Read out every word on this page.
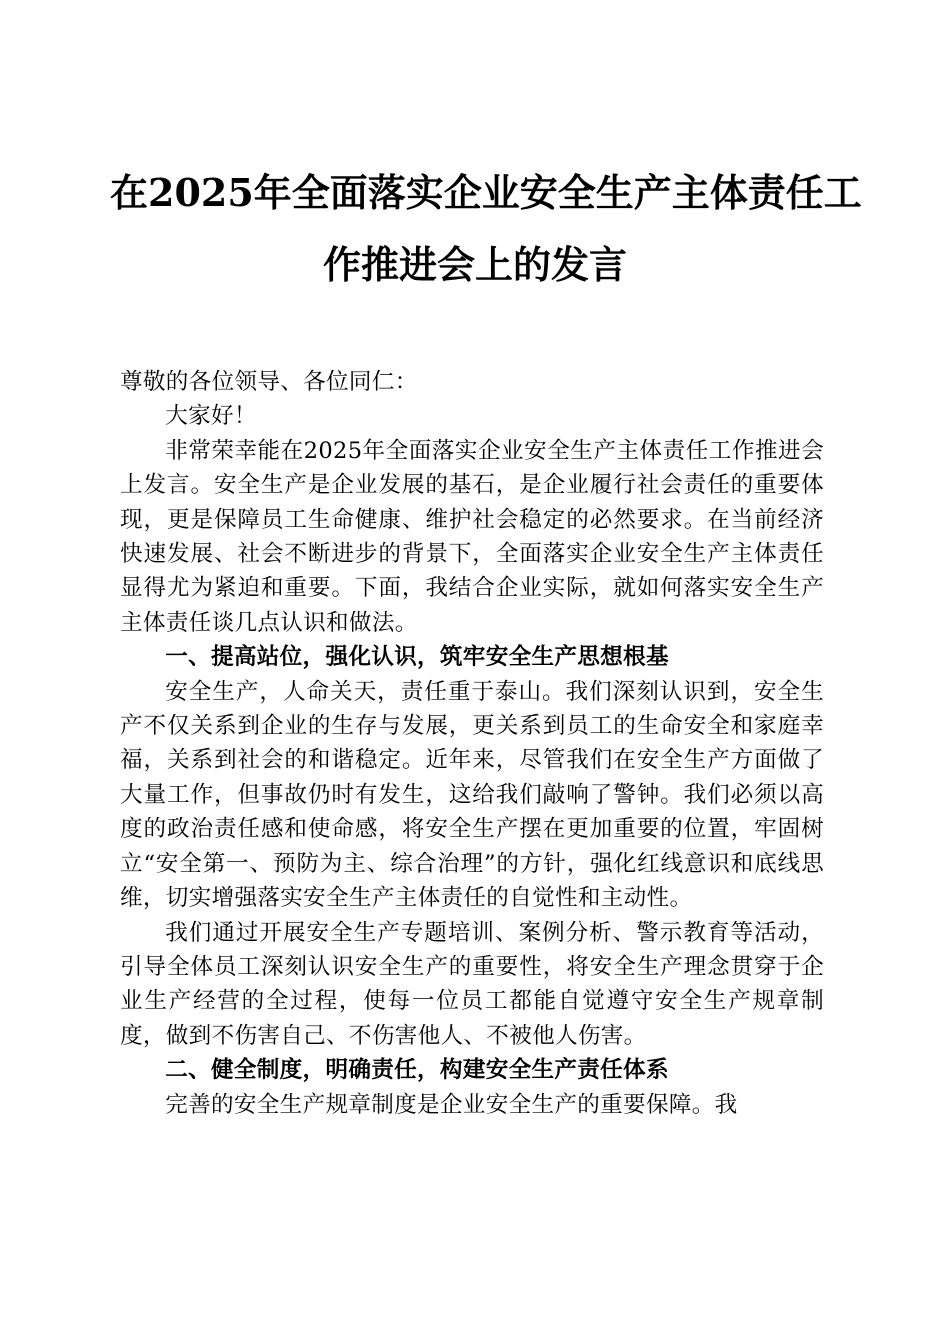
在2025年全面落实企业安全生产主体责任工
作推进会上的发言

尊敬的各位领导、各位同仁：

大家好！

非常荣幸能在2025年全面落实企业安全生产主体责任工作推进会上发言。安全生产是企业发展的基石，是企业履行社会责任的重要体现，更是保障员工生命健康、维护社会稳定的必然要求。在当前经济快速发展、社会不断进步的背景下，全面落实企业安全生产主体责任显得尤为紧迫和重要。下面，我结合企业实际，就如何落实安全生产主体责任谈几点认识和做法。

一、提高站位，强化认识，筑牢安全生产思想根基

安全生产，人命关天，责任重于泰山。我们深刻认识到，安全生产不仅关系到企业的生存与发展，更关系到员工的生命安全和家庭幸福，关系到社会的和谐稳定。近年来，尽管我们在安全生产方面做了大量工作，但事故仍时有发生，这给我们敲响了警钟。我们必须以高度的政治责任感和使命感，将安全生产摆在更加重要的位置，牢固树立“安全第一、预防为主、综合治理”的方针，强化红线意识和底线思维，切实增强落实安全生产主体责任的自觉性和主动性。

我们通过开展安全生产专题培训、案例分析、警示教育等活动，引导全体员工深刻认识安全生产的重要性，将安全生产理念贯穿于企业生产经营的全过程，使每一位员工都能自觉遵守安全生产规章制度，做到不伤害自己、不伤害他人、不被他人伤害。

二、健全制度，明确责任，构建安全生产责任体系

完善的安全生产规章制度是企业安全生产的重要保障。我
